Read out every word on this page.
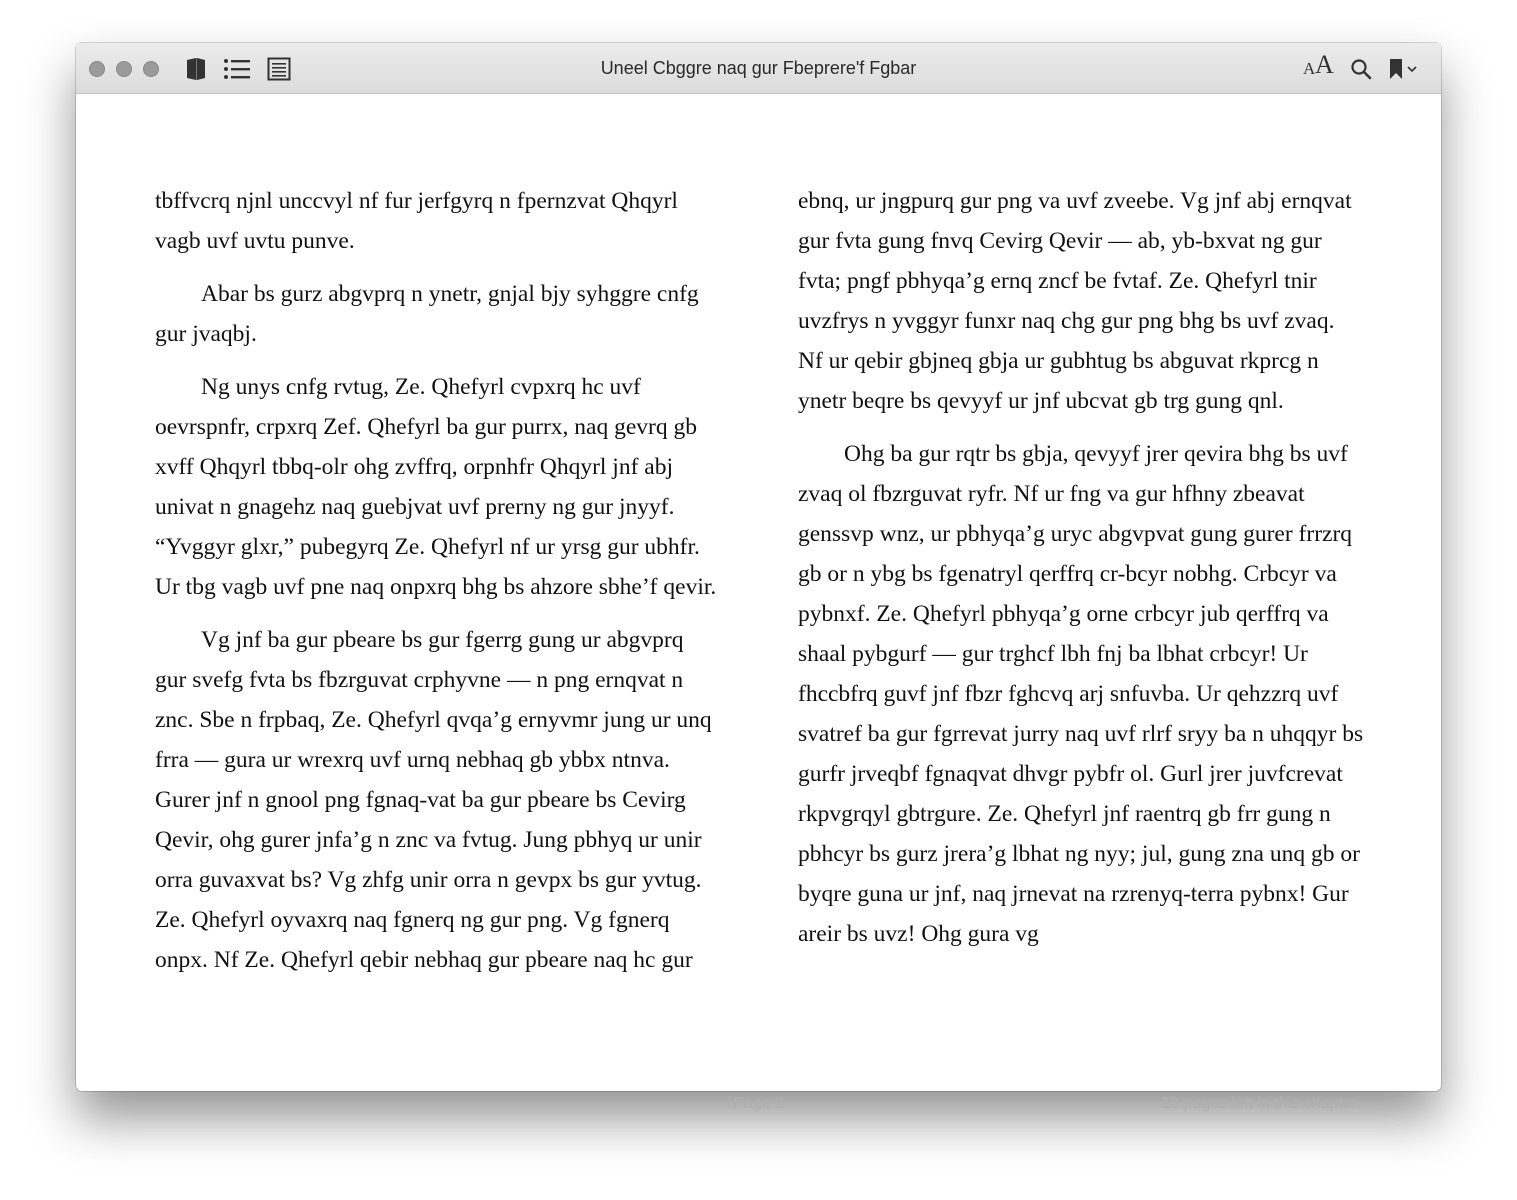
Uneel Cbggre naq gur Fbeprere'f Fgbar	A A

tbffvcrq njnl unccvyl nf fur jerfgyrq n fpernzvat Qhqyrl vagb uvf uvtu punve.

Abar bs gurz abgvprq n ynetr, gnjal bjy syhggre cnfg gur jvaqbj.

Ng unys cnfg rvtug, Ze. Qhefyrl cvpxrq hc uvf oevrspnfr, crpxrq Zef. Qhefyrl ba gur purrx, naq gevrq gb xvff Qhqyrl tbbq-olr ohg zvffrq, orpnhfr Qhqyrl jnf abj univat n gnagehz naq guebjvat uvf prerny ng gur jnyyf. “Yvggyr glxr,” pubegyrq Ze. Qhefyrl nf ur yrsg gur ubhfr. Ur tbg vagb uvf pne naq onpxrq bhg bs ahzore sbhe’f qevir.

Vg jnf ba gur pbeare bs gur fgerrg gung ur abgvprq gur svefg fvta bs fbzrguvat crphyvne — n png ernqvat n znc. Sbe n frpbaq, Ze. Qhefyrl qvqa’g ernyvmr jung ur unq frra — gura ur wrexrq uvf urnq nebhaq gb ybbx ntnva. Gurer jnf n gnool png fgnaq-vat ba gur pbeare bs Cevirg Qevir, ohg gurer jnfa’g n znc va fvtug. Jung pbhyq ur unir orra guvaxvat bs? Vg zhfg unir orra n gevpx bs gur yvtug. Ze. Qhefyrl oyvaxrq naq fgnerq ng gur png. Vg fgnerq onpx. Nf Ze. Qhefyrl qebir nebhaq gur pbeare naq hc gur

ebnq, ur jngpurq gur png va uvf zveebe. Vg jnf abj ernqvat gur fvta gung fnvq Cevirg Qevir — ab, yb-bxvat ng gur fvta; pngf pbhyqa’g ernq zncf be fvtaf. Ze. Qhefyrl tnir uvzfrys n yvggyr funxr naq chg gur png bhg bs uvf zvaq. Nf ur qebir gbjneq gbja ur gubhtug bs abguvat rkprcg n ynetr beqre bs qevyyf ur jnf ubcvat gb trg gung qnl.

Ohg ba gur rqtr bs gbja, qevyyf jrer qevira bhg bs uvf zvaq ol fbzrguvat ryfr. Nf ur fng va gur hfhny zbeavat genssvp wnz, ur pbhyqa’g uryc abgvpvat gung gurer frrzrq gb or n ybg bs fgenatryl qerffrq cr-bcyr nobhg. Crbcyr va pybnxf. Ze. Qhefyrl pbhyqa’g orne crbcyr jub qerffrq va shaal pybgurf — gur trghcf lbh fnj ba lbhat crbcyr! Ur fhccbfrq guvf jnf fbzr fghcvq arj snfuvba. Ur qehzzrq uvf svatref ba gur fgrrevat jurry naq uvf rlrf sryy ba n uhqqyr bs gurfr jrveqbf fgnaqvat dhvgr pybfr ol. Gurl jrer juvfcrevat rkpvgrqyl gbtrgure. Ze. Qhefyrl jnf raentrq gb frr gung n pbhcyr bs gurz jrera’g lbhat ng nyy; jul, gung zna unq gb or byqre guna ur jnf, naq jrnevat na rzrenyq-terra pybnx! Gur areir bs uvz! Ohg gura vg

Page 2	13 pages left in this chapter
